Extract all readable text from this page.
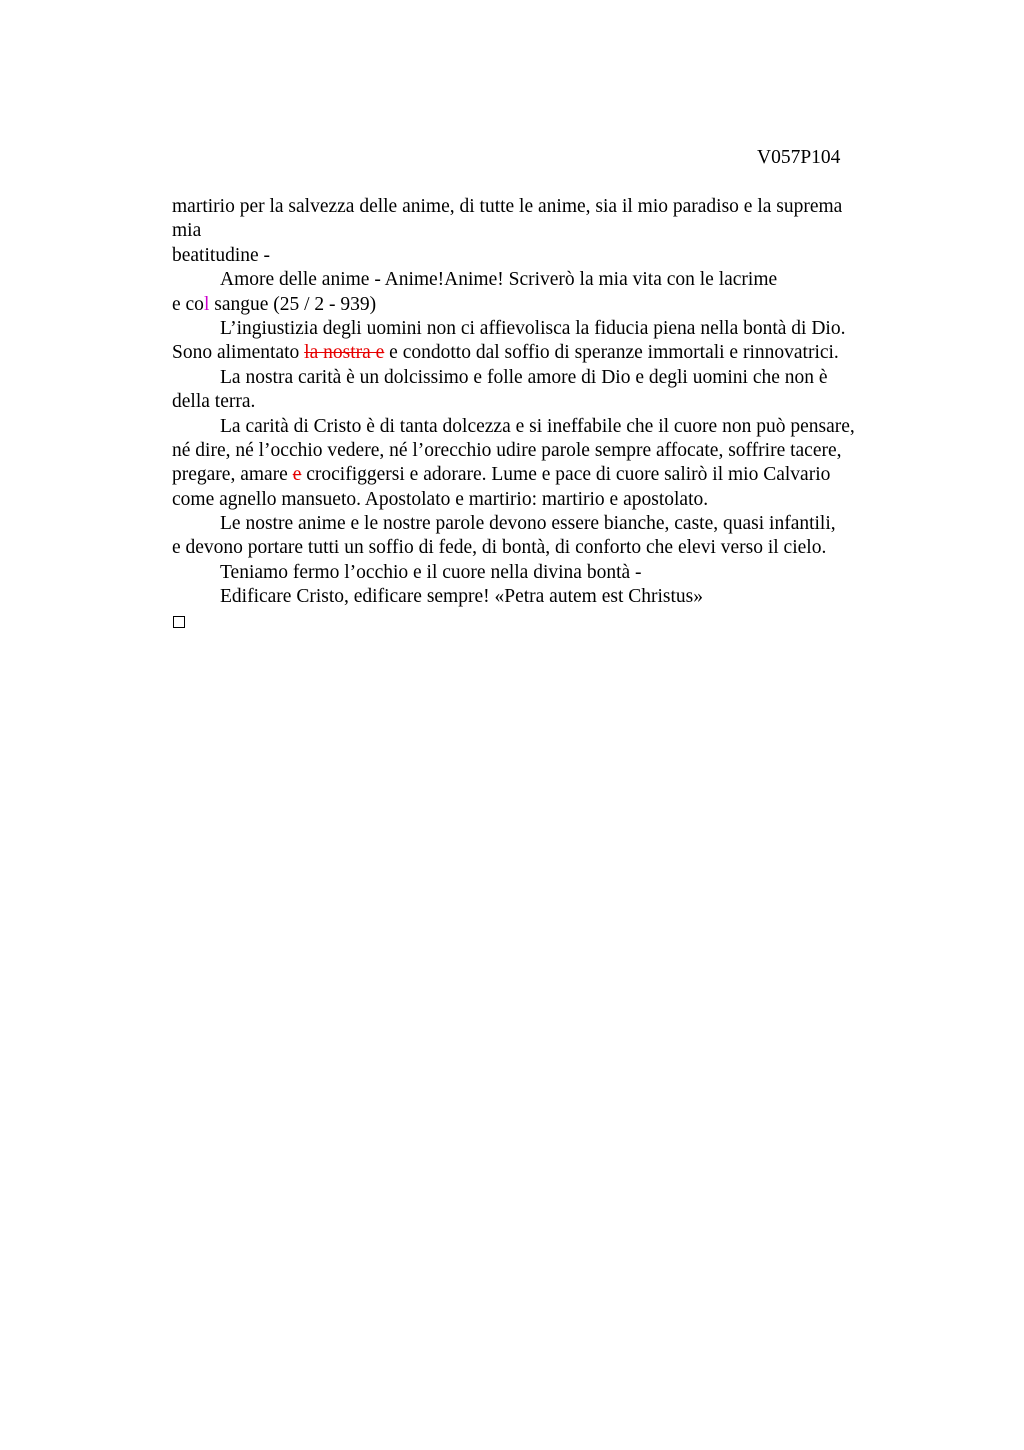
V057P104
martirio per la salvezza delle anime, di tutte le anime, sia il mio paradiso e la suprema
mia
beatitudine -
Amore delle anime - Anime!Anime! Scriverò la mia vita con le lacrime
e col sangue (25 / 2 - 939)
L’ingiustizia degli uomini non ci affievolisca la fiducia piena nella bontà di Dio.
Sono alimentato la nostra e e condotto dal soffio di speranze immortali e rinnovatrici.
La nostra carità è un dolcissimo e folle amore di Dio e degli uomini che non è
della terra.
La carità di Cristo è di tanta dolcezza e si ineffabile che il cuore non può pensare,
né dire, né l’occhio vedere, né l’orecchio udire parole sempre affocate, soffrire tacere,
pregare, amare e crocifiggersi e adorare. Lume e pace di cuore salirò il mio Calvario
come agnello mansueto. Apostolato e martirio: martirio e apostolato.
Le nostre anime e le nostre parole devono essere bianche, caste, quasi infantili,
e devono portare tutti un soffio di fede, di bontà, di conforto che elevi verso il cielo.
Teniamo fermo l’occhio e il cuore nella divina bontà -
Edificare Cristo, edificare sempre! «Petra autem est Christus»
